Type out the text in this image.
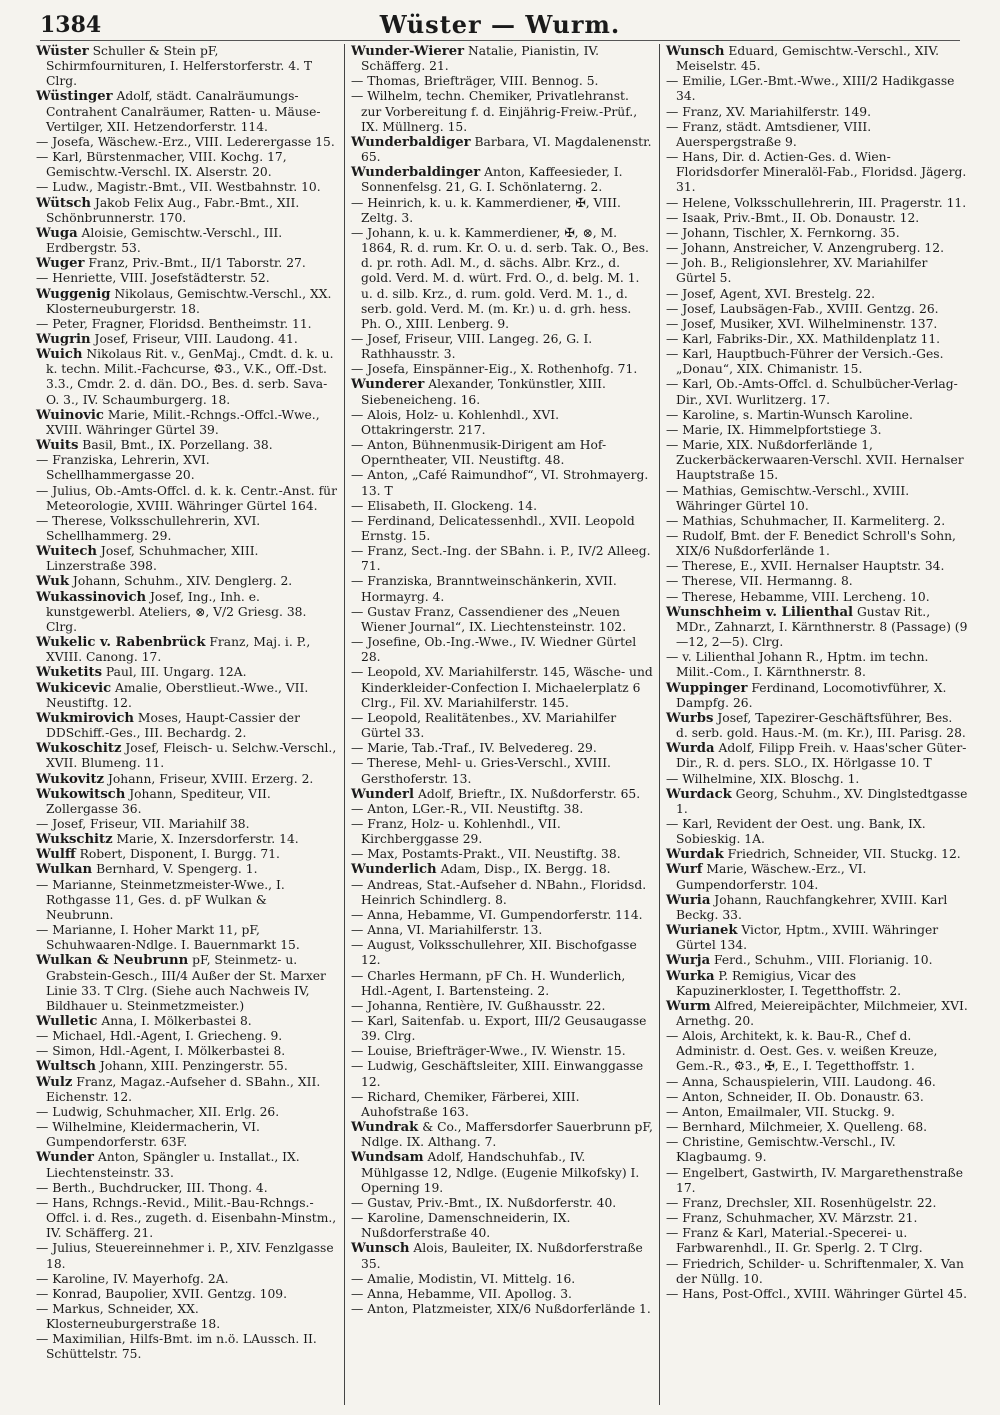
1384	Wüster — Wurm.

Wüster Schuller & Stein pF, Schirmfournituren, I. Helferstorferstr. 4. T Clrg.

Wüstinger Adolf, städt. Canalräumungs-Contrahent Canalräumer, Ratten- u. Mäuse-Vertilger, XII. Hetzendorferstr. 114.

— Josefa, Wäschew.-Erz., VIII. Lederergasse 15.

— Karl, Bürstenmacher, VIII. Kochg. 17, Gemischtw.-Verschl. IX. Alserstr. 20.

— Ludw., Magistr.-Bmt., VII. Westbahnstr. 10.

Wütsch Jakob Felix Aug., Fabr.-Bmt., XII. Schönbrunnerstr. 170.

Wuga Aloisie, Gemischtw.-Verschl., III. Erdbergstr. 53.

Wuger Franz, Priv.-Bmt., II/1 Taborstr. 27.

— Henriette, VIII. Josefstädterstr. 52.

Wuggenig Nikolaus, Gemischtw.-Verschl., XX. Klosterneuburgerstr. 18.

— Peter, Fragner, Floridsd. Bentheimstr. 11.

Wugrin Josef, Friseur, VIII. Laudong. 41.

Wuich Nikolaus Rit. v., GenMaj., Cmdt. d. k. u. k. techn. Milit.-Fachcurse, ⚙3., V.K., Off.-Dst. 3.3., Cmdr. 2. d. dän. DO., Bes. d. serb. Sava-O. 3., IV. Schaumburgerg. 18.

Wuinovic Marie, Milit.-Rchngs.-Offcl.-Wwe., XVIII. Währinger Gürtel 39.

Wuits Basil, Bmt., IX. Porzellang. 38.

— Franziska, Lehrerin, XVI. Schellhammergasse 20.

— Julius, Ob.-Amts-Offcl. d. k. k. Centr.-Anst. für Meteorologie, XVIII. Währinger Gürtel 164.

— Therese, Volksschullehrerin, XVI. Schellhammerg. 29.

Wuitech Josef, Schuhmacher, XIII. Linzerstraße 398.

Wuk Johann, Schuhm., XIV. Denglerg. 2.

Wukassinovich Josef, Ing., Inh. e. kunstgewerbl. Ateliers, ⊗, V/2 Griesg. 38. Clrg.

Wukelic v. Rabenbrück Franz, Maj. i. P., XVIII. Canong. 17.

Wuketits Paul, III. Ungarg. 12A.

Wukicevic Amalie, Oberstlieut.-Wwe., VII. Neustiftg. 12.

Wukmirovich Moses, Haupt-Cassier der DDSchiff.-Ges., III. Bechardg. 2.

Wukoschitz Josef, Fleisch- u. Selchw.-Verschl., XVII. Blumeng. 11.

Wukovitz Johann, Friseur, XVIII. Erzerg. 2.

Wukowitsch Johann, Spediteur, VII. Zollergasse 36.

— Josef, Friseur, VII. Mariahilf 38.

Wukschitz Marie, X. Inzersdorferstr. 14.

Wulff Robert, Disponent, I. Burgg. 71.

Wulkan Bernhard, V. Spengerg. 1.

— Marianne, Steinmetzmeister-Wwe., I. Rothgasse 11, Ges. d. pF Wulkan & Neubrunn.

— Marianne, I. Hoher Markt 11, pF, Schuhwaaren-Ndlge. I. Bauernmarkt 15.

Wulkan & Neubrunn pF, Steinmetz- u. Grabstein-Gesch., III/4 Außer der St. Marxer Linie 33. T Clrg. (Siehe auch Nachweis IV, Bildhauer u. Steinmetzmeister.)

Wulletic Anna, I. Mölkerbastei 8.

— Michael, Hdl.-Agent, I. Griecheng. 9.

— Simon, Hdl.-Agent, I. Mölkerbastei 8.

Wultsch Johann, XIII. Penzingerstr. 55.

Wulz Franz, Magaz.-Aufseher d. SBahn., XII. Eichenstr. 12.

— Ludwig, Schuhmacher, XII. Erlg. 26.

— Wilhelmine, Kleidermacherin, VI. Gumpendorferstr. 63F.

Wunder Anton, Spängler u. Installat., IX. Liechtensteinstr. 33.

— Berth., Buchdrucker, III. Thong. 4.

— Hans, Rchngs.-Revid., Milit.-Bau-Rchngs.-Offcl. i. d. Res., zugeth. d. Eisenbahn-Minstm., IV. Schäfferg. 21.

— Julius, Steuereinnehmer i. P., XIV. Fenzlgasse 18.

— Karoline, IV. Mayerhofg. 2A.

— Konrad, Baupolier, XVII. Gentzg. 109.

— Markus, Schneider, XX. Klosterneuburgerstraße 18.

— Maximilian, Hilfs-Bmt. im n.ö. LAussch. II. Schüttelstr. 75.

Wunder-Wierer Natalie, Pianistin, IV. Schäfferg. 21.

— Thomas, Briefträger, VIII. Bennog. 5.

— Wilhelm, techn. Chemiker, Privatlehranst. zur Vorbereitung f. d. Einjährig-Freiw.-Prüf., IX. Müllnerg. 15.

Wunderbaldiger Barbara, VI. Magdalenenstr. 65.

Wunderbaldinger Anton, Kaffeesieder, I. Sonnenfelsg. 21, G. I. Schönlaterng. 2.

— Heinrich, k. u. k. Kammerdiener, ✠, VIII. Zeltg. 3.

— Johann, k. u. k. Kammerdiener, ✠, ⊗, M. 1864, R. d. rum. Kr. O. u. d. serb. Tak. O., Bes. d. pr. roth. Adl. M., d. sächs. Albr. Krz., d. gold. Verd. M. d. würt. Frd. O., d. belg. M. 1. u. d. silb. Krz., d. rum. gold. Verd. M. 1., d. serb. gold. Verd. M. (m. Kr.) u. d. grh. hess. Ph. O., XIII. Lenberg. 9.

— Josef, Friseur, VIII. Langeg. 26, G. I. Rathhausstr. 3.

— Josefa, Einspänner-Eig., X. Rothenhofg. 71.

Wunderer Alexander, Tonkünstler, XIII. Siebeneicheng. 16.

— Alois, Holz- u. Kohlenhdl., XVI. Ottakringerstr. 217.

— Anton, Bühnenmusik-Dirigent am Hof-Operntheater, VII. Neustiftg. 48.

— Anton, „Café Raimundhof“, VI. Strohmayerg. 13. T

— Elisabeth, II. Glockeng. 14.

— Ferdinand, Delicatessenhdl., XVII. Leopold Ernstg. 15.

— Franz, Sect.-Ing. der SBahn. i. P., IV/2 Alleeg. 71.

— Franziska, Branntweinschänkerin, XVII. Hormayrg. 4.

— Gustav Franz, Cassendiener des „Neuen Wiener Journal“, IX. Liechtensteinstr. 102.

— Josefine, Ob.-Ing.-Wwe., IV. Wiedner Gürtel 28.

— Leopold, XV. Mariahilferstr. 145, Wäsche- und Kinderkleider-Confection I. Michaelerplatz 6 Clrg., Fil. XV. Mariahilferstr. 145.

— Leopold, Realitätenbes., XV. Mariahilfer Gürtel 33.

— Marie, Tab.-Traf., IV. Belvedereg. 29.

— Therese, Mehl- u. Gries-Verschl., XVIII. Gersthoferstr. 13.

Wunderl Adolf, Brieftr., IX. Nußdorferstr. 65.

— Anton, LGer.-R., VII. Neustiftg. 38.

— Franz, Holz- u. Kohlenhdl., VII. Kirchberggasse 29.

— Max, Postamts-Prakt., VII. Neustiftg. 38.

Wunderlich Adam, Disp., IX. Bergg. 18.

— Andreas, Stat.-Aufseher d. NBahn., Floridsd. Heinrich Schindlerg. 8.

— Anna, Hebamme, VI. Gumpendorferstr. 114.

— Anna, VI. Mariahilferstr. 13.

— August, Volksschullehrer, XII. Bischofgasse 12.

— Charles Hermann, pF Ch. H. Wunderlich, Hdl.-Agent, I. Bartensteing. 2.

— Johanna, Rentière, IV. Gußhausstr. 22.

— Karl, Saitenfab. u. Export, III/2 Geusaugasse 39. Clrg.

— Louise, Briefträger-Wwe., IV. Wienstr. 15.

— Ludwig, Geschäftsleiter, XIII. Einwanggasse 12.

— Richard, Chemiker, Färberei, XIII. Auhofstraße 163.

Wundrak & Co., Maffersdorfer Sauerbrunn pF, Ndlge. IX. Althang. 7.

Wundsam Adolf, Handschuhfab., IV. Mühlgasse 12, Ndlge. (Eugenie Milkofsky) I. Operning 19.

— Gustav, Priv.-Bmt., IX. Nußdorferstr. 40.

— Karoline, Damenschneiderin, IX. Nußdorferstraße 40.

Wunsch Alois, Bauleiter, IX. Nußdorferstraße 35.

— Amalie, Modistin, VI. Mittelg. 16.

— Anna, Hebamme, VII. Apollog. 3.

— Anton, Platzmeister, XIX/6 Nußdorferlände 1.

Wunsch Eduard, Gemischtw.-Verschl., XIV. Meiselstr. 45.

— Emilie, LGer.-Bmt.-Wwe., XIII/2 Hadikgasse 34.

— Franz, XV. Mariahilferstr. 149.

— Franz, städt. Amtsdiener, VIII. Auerspergstraße 9.

— Hans, Dir. d. Actien-Ges. d. Wien-Floridsdorfer Mineralöl-Fab., Floridsd. Jägerg. 31.

— Helene, Volksschullehrerin, III. Pragerstr. 11.

— Isaak, Priv.-Bmt., II. Ob. Donaustr. 12.

— Johann, Tischler, X. Fernkorng. 35.

— Johann, Anstreicher, V. Anzengruberg. 12.

— Joh. B., Religionslehrer, XV. Mariahilfer Gürtel 5.

— Josef, Agent, XVI. Brestelg. 22.

— Josef, Laubsägen-Fab., XVIII. Gentzg. 26.

— Josef, Musiker, XVI. Wilhelminenstr. 137.

— Karl, Fabriks-Dir., XX. Mathildenplatz 11.

— Karl, Hauptbuch-Führer der Versich.-Ges. „Donau“, XIX. Chimanistr. 15.

— Karl, Ob.-Amts-Offcl. d. Schulbücher-Verlag-Dir., XVI. Wurlitzerg. 17.

— Karoline, s. Martin-Wunsch Karoline.

— Marie, IX. Himmelpfortstiege 3.

— Marie, XIX. Nußdorferlände 1, Zuckerbäckerwaaren-Verschl. XVII. Hernalser Hauptstraße 15.

— Mathias, Gemischtw.-Verschl., XVIII. Währinger Gürtel 10.

— Mathias, Schuhmacher, II. Karmeliterg. 2.

— Rudolf, Bmt. der F. Benedict Schroll's Sohn, XIX/6 Nußdorferlände 1.

— Therese, E., XVII. Hernalser Hauptstr. 34.

— Therese, VII. Hermanng. 8.

— Therese, Hebamme, VIII. Lercheng. 10.

Wunschheim v. Lilienthal Gustav Rit., MDr., Zahnarzt, I. Kärnthnerstr. 8 (Passage) (9—12, 2—5). Clrg.

— v. Lilienthal Johann R., Hptm. im techn. Milit.-Com., I. Kärnthnerstr. 8.

Wuppinger Ferdinand, Locomotivführer, X. Dampfg. 26.

Wurbs Josef, Tapezirer-Geschäftsführer, Bes. d. serb. gold. Haus.-M. (m. Kr.), III. Parisg. 28.

Wurda Adolf, Filipp Freih. v. Haas'scher Güter-Dir., R. d. pers. SLO., IX. Hörlgasse 10. T

— Wilhelmine, XIX. Bloschg. 1.

Wurdack Georg, Schuhm., XV. Dinglstedtgasse 1.

— Karl, Revident der Oest. ung. Bank, IX. Sobieskig. 1A.

Wurdak Friedrich, Schneider, VII. Stuckg. 12.

Wurf Marie, Wäschew.-Erz., VI. Gumpendorferstr. 104.

Wuria Johann, Rauchfangkehrer, XVIII. Karl Beckg. 33.

Wurianek Victor, Hptm., XVIII. Währinger Gürtel 134.

Wurja Ferd., Schuhm., VIII. Florianig. 10.

Wurka P. Remigius, Vicar des Kapuzinerkloster, I. Tegetthoffstr. 2.

Wurm Alfred, Meiereipächter, Milchmeier, XVI. Arnethg. 20.

— Alois, Architekt, k. k. Bau-R., Chef d. Administr. d. Oest. Ges. v. weißen Kreuze, Gem.-R., ⚙3., ✠, E., I. Tegetthoffstr. 1.

— Anna, Schauspielerin, VIII. Laudong. 46.

— Anton, Schneider, II. Ob. Donaustr. 63.

— Anton, Emailmaler, VII. Stuckg. 9.

— Bernhard, Milchmeier, X. Quelleng. 68.

— Christine, Gemischtw.-Verschl., IV. Klagbaumg. 9.

— Engelbert, Gastwirth, IV. Margarethenstraße 17.

— Franz, Drechsler, XII. Rosenhügelstr. 22.

— Franz, Schuhmacher, XV. Märzstr. 21.

— Franz & Karl, Material.-Specerei- u. Farbwarenhdl., II. Gr. Sperlg. 2. T Clrg.

— Friedrich, Schilder- u. Schriftenmaler, X. Van der Nüllg. 10.

— Hans, Post-Offcl., XVIII. Währinger Gürtel 45.
